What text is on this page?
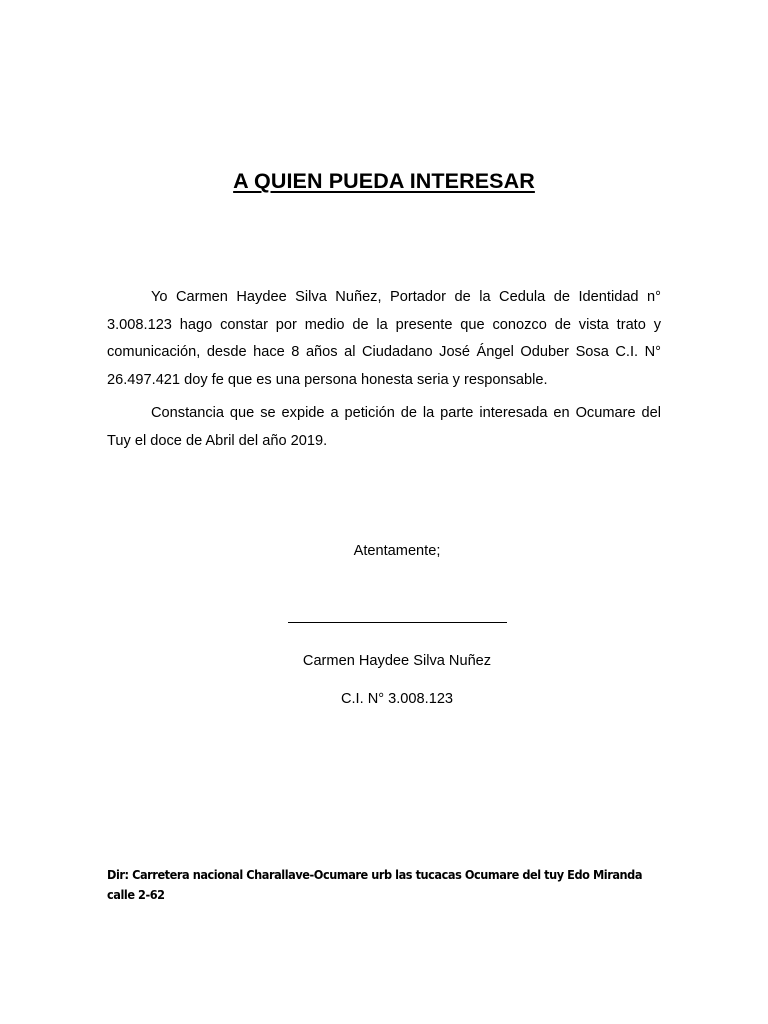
A QUIEN PUEDA INTERESAR

Yo Carmen Haydee Silva Nuñez, Portador de la Cedula de Identidad n° 3.008.123 hago constar por medio de la presente que conozco de vista trato y comunicación, desde hace 8 años al Ciudadano José Ángel Oduber Sosa C.I. N° 26.497.421 doy fe que es una persona honesta seria y responsable.

Constancia que se expide a petición de la parte interesada en Ocumare del Tuy el doce de Abril del año 2019.

Atentamente;
Carmen Haydee Silva Nuñez
C.I. N° 3.008.123
Dir: Carretera nacional Charallave-Ocumare urb las tucacas Ocumare del tuy Edo Miranda calle 2-62
